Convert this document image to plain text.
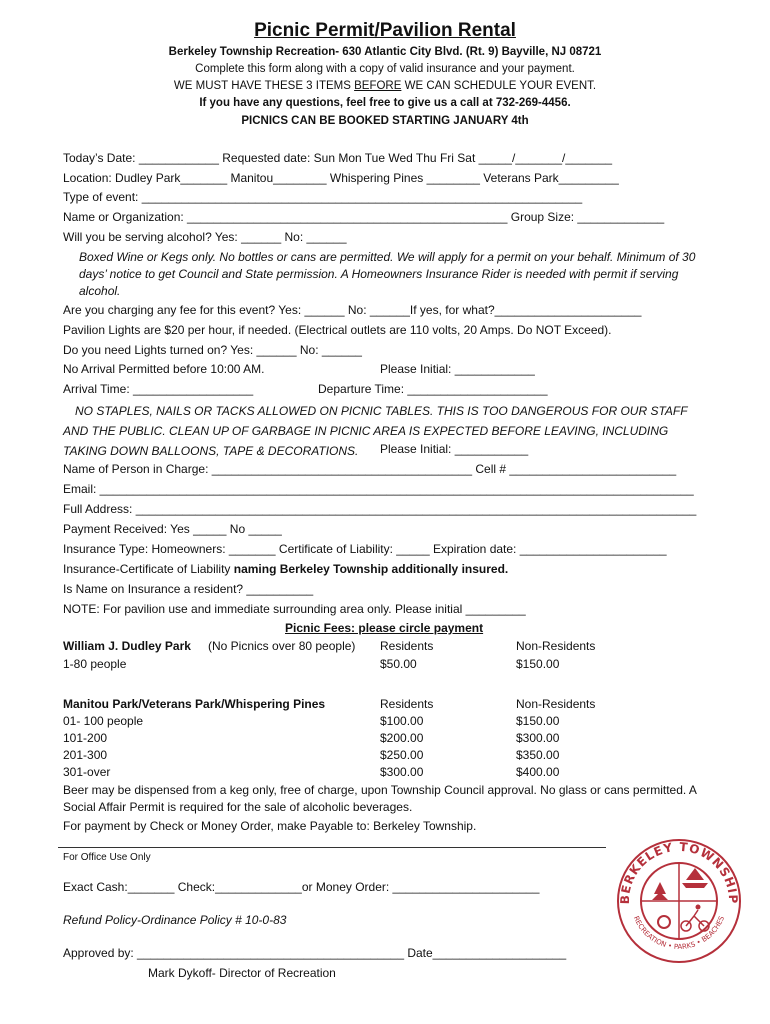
Picnic Permit/Pavilion Rental

Berkeley Township Recreation- 630 Atlantic City Blvd. (Rt. 9) Bayville, NJ 08721

Complete this form along with a copy of valid insurance and your payment.

WE MUST HAVE THESE 3 ITEMS BEFORE WE CAN SCHEDULE YOUR EVENT.

If you have any questions, feel free to give us a call at 732-269-4456.

PICNICS CAN BE BOOKED STARTING JANUARY 4th

Today’s Date: ____________ Requested date: Sun Mon Tue Wed Thu Fri Sat _____/_______/_______

Location: Dudley Park_______ Manitou________ Whispering Pines ________ Veterans Park_________

Type of event: __________________________________________________________________

Name or Organization: ________________________________________________ Group Size: _____________

Will you be serving alcohol? Yes: ______ No: ______

Boxed Wine or Kegs only. No bottles or cans are permitted. We will apply for a permit on your behalf. Minimum of 30 days’ notice to get Council and State permission. A Homeowners Insurance Rider is needed with permit if serving alcohol.

Are you charging any fee for this event? Yes: ______ No: ______If yes, for what?______________________

Pavilion Lights are $20 per hour, if needed. (Electrical outlets are 110 volts, 20 Amps. Do NOT Exceed).

Do you need Lights turned on? Yes: ______ No: ______

No Arrival Permitted before 10:00 AM.	Please Initial: ____________

Arrival Time: __________________	Departure Time: _____________________

NO STAPLES, NAILS OR TACKS ALLOWED ON PICNIC TABLES. THIS IS TOO DANGEROUS FOR OUR STAFF AND THE PUBLIC. CLEAN UP OF GARBAGE IN PICNIC AREA IS EXPECTED BEFORE LEAVING, INCLUDING TAKING DOWN BALLOONS, TAPE & DECORATIONS.	Please Initial: ___________

Name of Person in Charge: _______________________________________ Cell # _________________________

Email: _________________________________________________________________________________________

Full Address: ____________________________________________________________________________________

Payment Received: Yes _____ No _____

Insurance Type: Homeowners: _______ Certificate of Liability: _____ Expiration date: ______________________

Insurance-Certificate of Liability naming Berkeley Township additionally insured.

Is Name on Insurance a resident? __________

NOTE: For pavilion use and immediate surrounding area only. Please initial _________

Picnic Fees: please circle payment

William J. Dudley Park (No Picnics over 80 people) Residents	Non-Residents

1-80 people	$50.00	$150.00

Manitou Park/Veterans Park/Whispering Pines	Residents	Non-Residents

01- 100 people	$100.00	$150.00

101-200	$200.00	$300.00

201-300	$250.00	$350.00

301-over	$300.00	$400.00

Beer may be dispensed from a keg only, free of charge, upon Township Council approval. No glass or cans permitted. A Social Affair Permit is required for the sale of alcoholic beverages.

For payment by Check or Money Order, make Payable to: Berkeley Township.

For Office Use Only

Exact Cash:_______ Check:_____________or Money Order: ______________________

Refund Policy-Ordinance Policy # 10-0-83

Approved by: ________________________________________ Date____________________

Mark Dykoff- Director of Recreation

BERKELEY TOWNSHIP
RECREATION • PARKS • BEACHES
